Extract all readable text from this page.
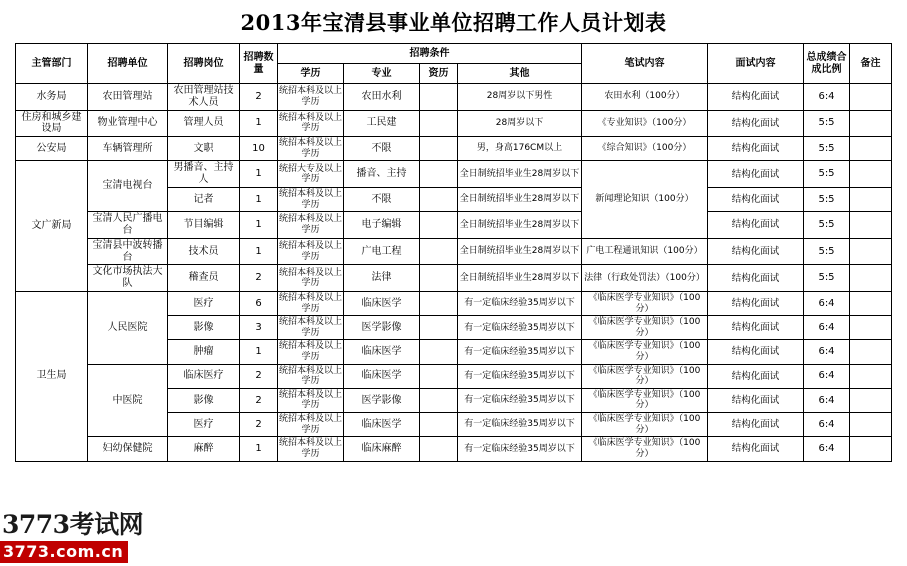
2013年宝清县事业单位招聘工作人员计划表
主管部门	招聘单位	招聘岗位	招聘数量	招聘条件				笔试内容	面试内容	总成绩合成比例	备注
				学历	专业	资历	其他				
水务局	农田管理站	农田管理站技术人员	2	统招本科及以上学历	农田水利		28周岁以下男性	农田水利（100分）	结构化面试	6:4	
住房和城乡建设局	物业管理中心	管理人员	1	统招本科及以上学历	工民建		28周岁以下	《专业知识》（100分）	结构化面试	5:5	
公安局	车辆管理所	文职	10	统招本科及以上学历	不限		男，身高176CM以上	《综合知识》（100分）	结构化面试	5:5	
文广新局	宝清电视台	男播音、主持人	1	统招大专及以上学历	播音、主持		全日制统招毕业生28周岁以下	新闻理论知识（100分）	结构化面试	5:5	
		记者	1	统招本科及以上学历	不限		全日制统招毕业生28周岁以下		结构化面试	5:5	
	宝清人民广播电台	节目编辑	1	统招本科及以上学历	电子编辑		全日制统招毕业生28周岁以下		结构化面试	5:5	
	宝清县中波转播台	技术员	1	统招本科及以上学历	广电工程		全日制统招毕业生28周岁以下	广电工程通讯知识（100分）	结构化面试	5:5	
	文化市场执法大队	稽查员	2	统招本科及以上学历	法律		全日制统招毕业生28周岁以下	法律（行政处罚法）（100分）	结构化面试	5:5	
卫生局	人民医院	医疗	6	统招本科及以上学历	临床医学		有一定临床经验35周岁以下	《临床医学专业知识》（100分）	结构化面试	6:4	
		影像	3	统招本科及以上学历	医学影像		有一定临床经验35周岁以下	《临床医学专业知识》（100分）	结构化面试	6:4	
		肿瘤	1	统招本科及以上学历	临床医学		有一定临床经验35周岁以下	《临床医学专业知识》（100分）	结构化面试	6:4	
	中医院	临床医疗	2	统招本科及以上学历	临床医学		有一定临床经验35周岁以下	《临床医学专业知识》（100分）	结构化面试	6:4	
		影像	2	统招本科及以上学历	医学影像		有一定临床经验35周岁以下	《临床医学专业知识》（100分）	结构化面试	6:4	
		医疗	2	统招本科及以上学历	临床医学		有一定临床经验35周岁以下	《临床医学专业知识》（100分）	结构化面试	6:4	
	妇幼保健院	麻醉	1	统招本科及以上学历	临床麻醉		有一定临床经验35周岁以下	《临床医学专业知识》（100分）	结构化面试	6:4	
3773考试网
3773.com.cn
